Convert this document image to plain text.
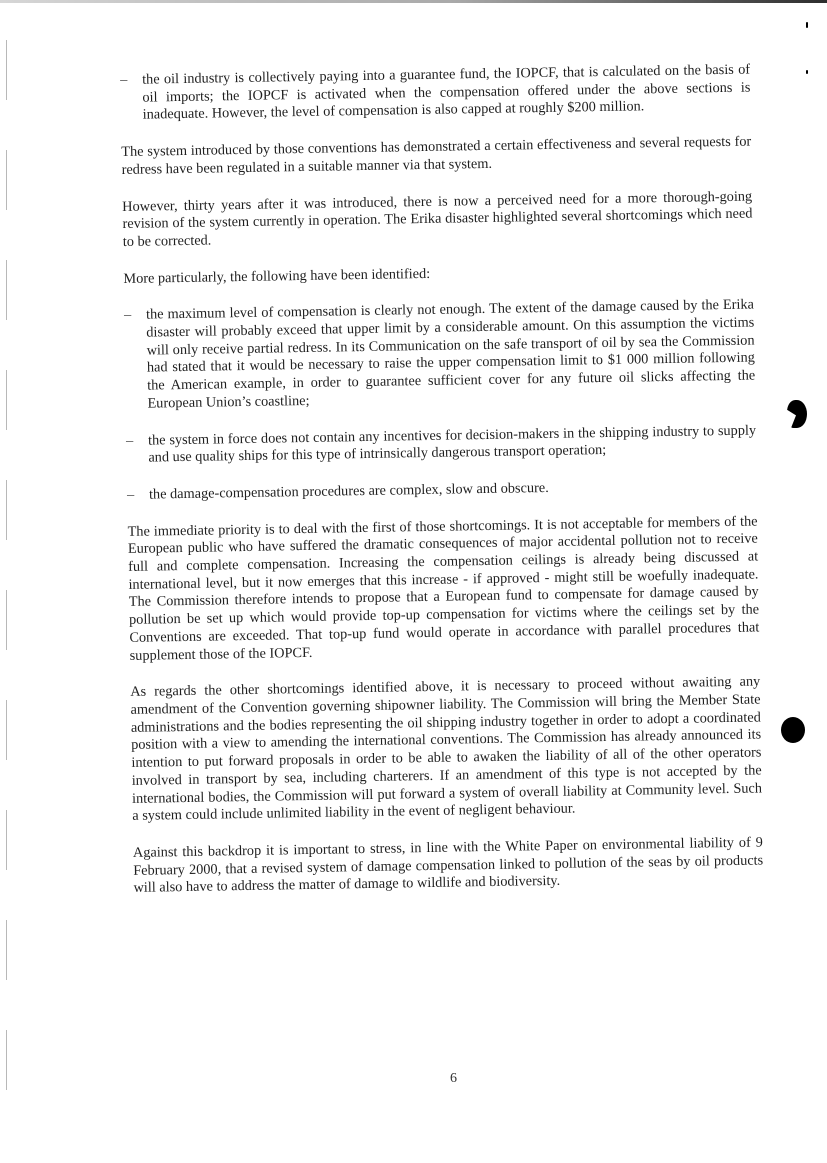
– the oil industry is collectively paying into a guarantee fund, the IOPCF, that is calculated on the basis of oil imports; the IOPCF is activated when the compensation offered under the above sections is inadequate. However, the level of compensation is also capped at roughly $200 million.

The system introduced by those conventions has demonstrated a certain effectiveness and several requests for redress have been regulated in a suitable manner via that system.

However, thirty years after it was introduced, there is now a perceived need for a more thorough-going revision of the system currently in operation. The Erika disaster highlighted several shortcomings which need to be corrected.

More particularly, the following have been identified:

– the maximum level of compensation is clearly not enough. The extent of the damage caused by the Erika disaster will probably exceed that upper limit by a considerable amount. On this assumption the victims will only receive partial redress. In its Communication on the safe transport of oil by sea the Commission had stated that it would be necessary to raise the upper compensation limit to $1 000 million following the American example, in order to guarantee sufficient cover for any future oil slicks affecting the European Union’s coastline;
– the system in force does not contain any incentives for decision-makers in the shipping industry to supply and use quality ships for this type of intrinsically dangerous transport operation;
– the damage-compensation procedures are complex, slow and obscure.

The immediate priority is to deal with the first of those shortcomings. It is not acceptable for members of the European public who have suffered the dramatic consequences of major accidental pollution not to receive full and complete compensation. Increasing the compensation ceilings is already being discussed at international level, but it now emerges that this increase - if approved - might still be woefully inadequate. The Commission therefore intends to propose that a European fund to compensate for damage caused by pollution be set up which would provide top-up compensation for victims where the ceilings set by the Conventions are exceeded. That top-up fund would operate in accordance with parallel procedures that supplement those of the IOPCF.

As regards the other shortcomings identified above, it is necessary to proceed without awaiting any amendment of the Convention governing shipowner liability. The Commission will bring the Member State administrations and the bodies representing the oil shipping industry together in order to adopt a coordinated position with a view to amending the international conventions. The Commission has already announced its intention to put forward proposals in order to be able to awaken the liability of all of the other operators involved in transport by sea, including charterers. If an amendment of this type is not accepted by the international bodies, the Commission will put forward a system of overall liability at Community level. Such a system could include unlimited liability in the event of negligent behaviour.

Against this backdrop it is important to stress, in line with the White Paper on environmental liability of 9 February 2000, that a revised system of damage compensation linked to pollution of the seas by oil products will also have to address the matter of damage to wildlife and biodiversity.

6
